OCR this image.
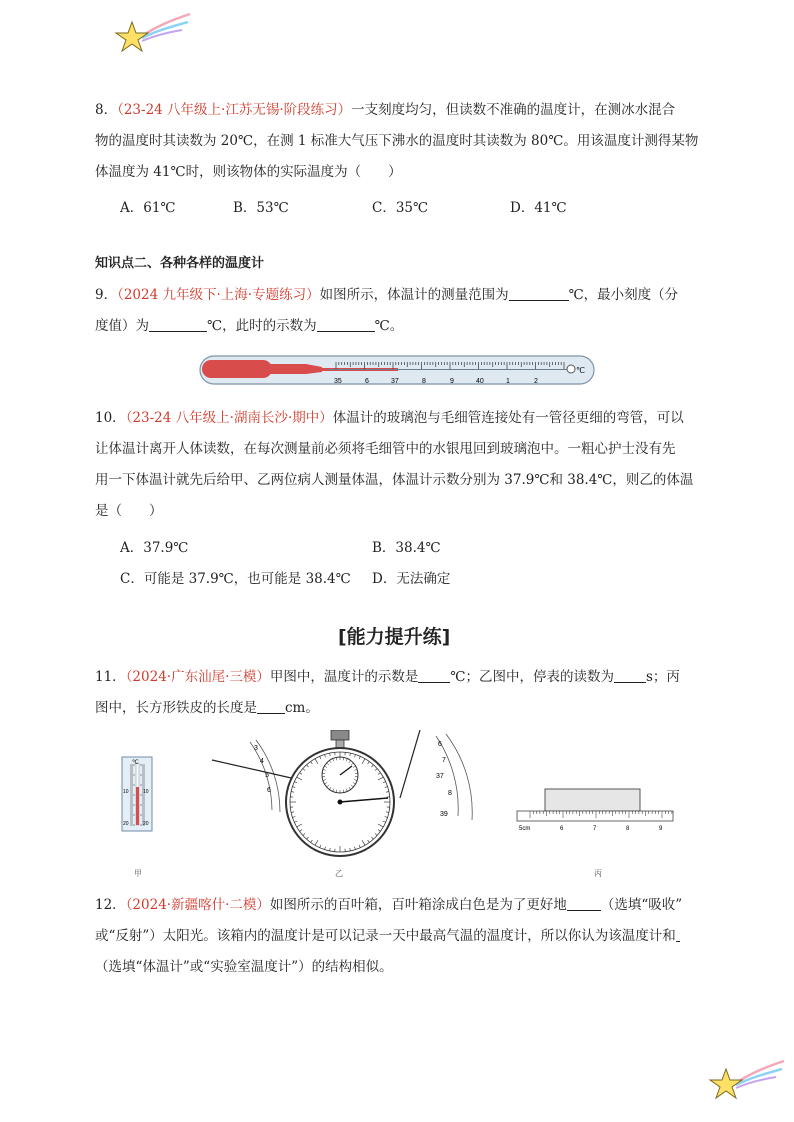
8．（23-24 八年级上·江苏无锡·阶段练习）一支刻度均匀，但读数不准确的温度计，在测冰水混合
物的温度时其读数为 20℃，在测 1 标准大气压下沸水的温度时其读数为 80℃。用该温度计测得某物
体温度为 41℃时，则该物体的实际温度为（　　）
A．61℃	B．53℃	C．35℃	D．41℃
知识点二、各种各样的温度计
9．（2024 九年级下·上海·专题练习）如图所示，体温计的测量范围为	℃，最小刻度（分
度值）为	℃，此时的示数为	℃。
35	6	37	8	9	40	1	2
℃
10．（23-24 八年级上·湖南长沙·期中）体温计的玻璃泡与毛细管连接处有一管径更细的弯管，可以
让体温计离开人体读数，在每次测量前必须将毛细管中的水银甩回到玻璃泡中。一粗心护士没有先
用一下体温计就先后给甲、乙两位病人测量体温，体温计示数分别为 37.9℃和 38.4℃，则乙的体温
是（　　）
A．37.9℃	B．38.4℃
C．可能是 37.9℃，也可能是 38.4℃ D．无法确定
[能力提升练]
11．（2024·广东汕尾·三模）甲图中，温度计的示数是 ℃；乙图中，停表的读数为 s；丙
图中，长方形铁皮的长度是 cm。
℃
10	10
20	20
3
4
5
6
6
7
37
8
39
5cm	6	7	8	9
甲	乙	丙
12．（2024·新疆喀什·二模）如图所示的百叶箱，百叶箱涂成白色是为了更好地	（选填“吸收”
或“反射”）太阳光。该箱内的温度计是可以记录一天中最高气温的温度计，所以你认为该温度计和
（选填“体温计”或“实验室温度计”）的结构相似。
